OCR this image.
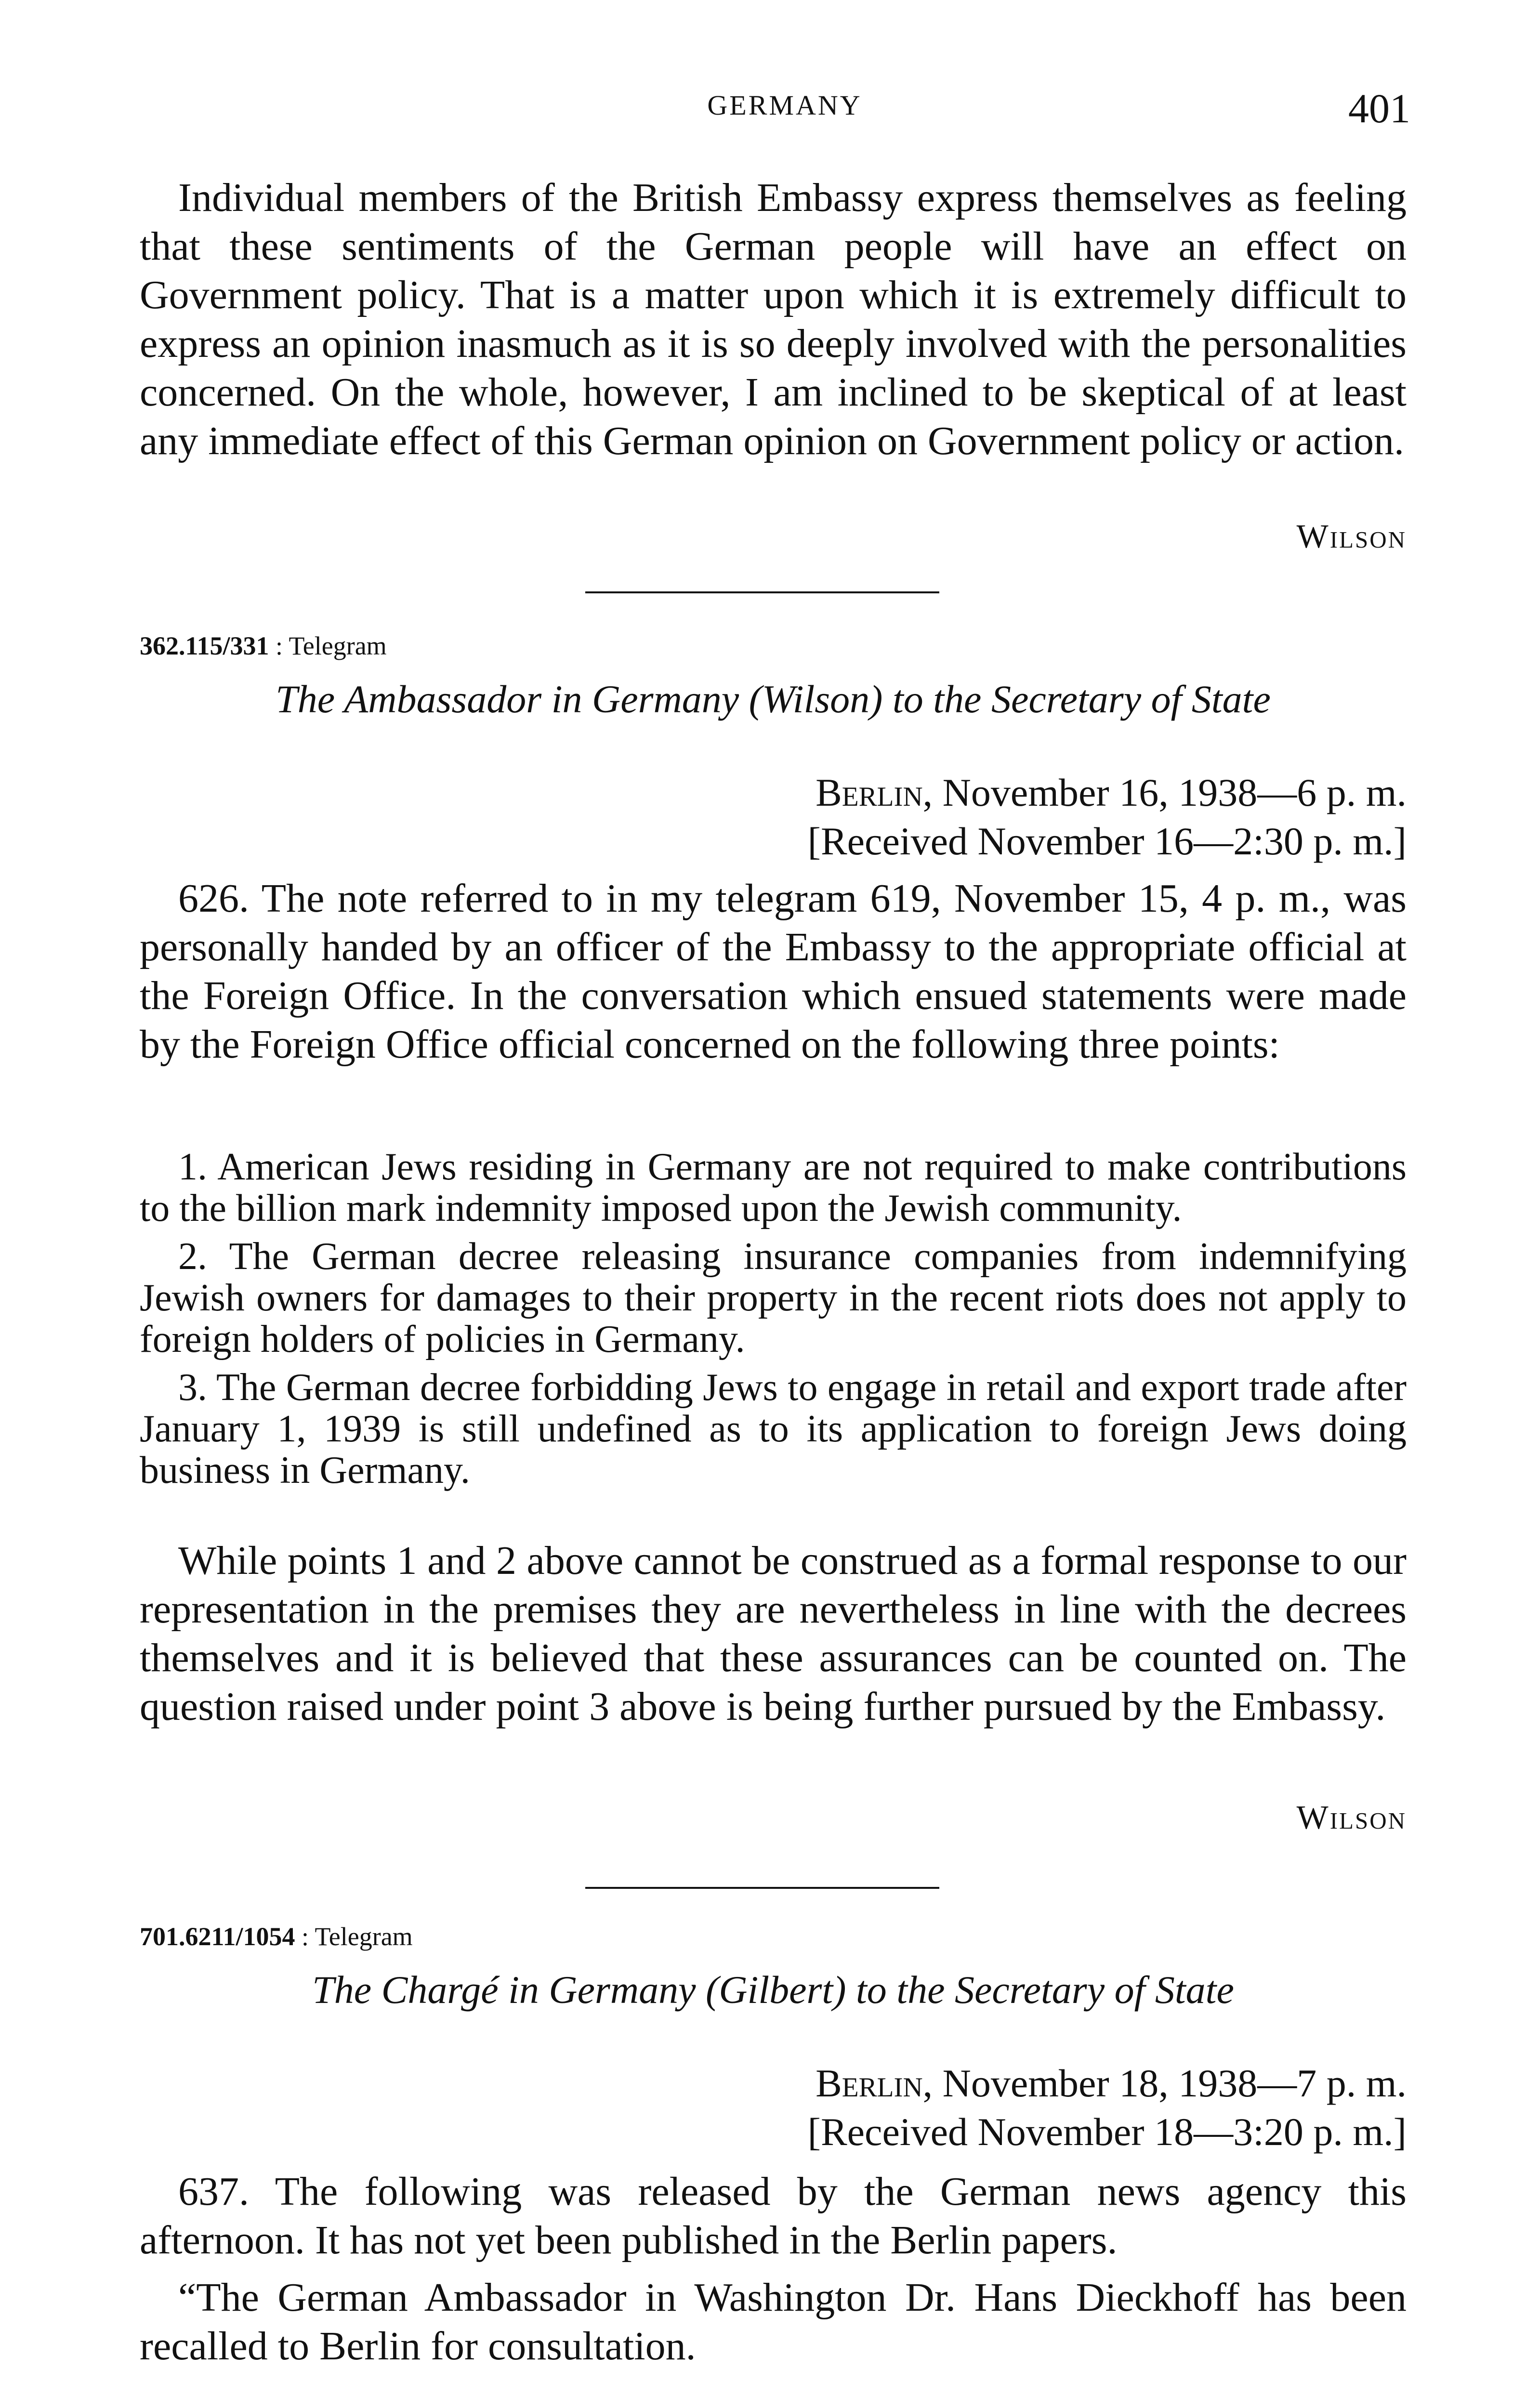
GERMANY	401

Individual members of the British Embassy express themselves as feeling that these sentiments of the German people will have an effect on Government policy. That is a matter upon which it is extremely difficult to express an opinion inasmuch as it is so deeply involved with the personalities concerned. On the whole, however, I am inclined to be skeptical of at least any immediate effect of this German opinion on Government policy or action.

Wilson
362.115/331 : Telegram
The Ambassador in Germany (Wilson) to the Secretary of State
Berlin, November 16, 1938—6 p. m.
[Received November 16—2:30 p. m.]

626. The note referred to in my telegram 619, November 15, 4 p. m., was personally handed by an officer of the Embassy to the appropriate official at the Foreign Office. In the conversation which ensued statements were made by the Foreign Office official concerned on the following three points:

1. American Jews residing in Germany are not required to make contributions to the billion mark indemnity imposed upon the Jewish community.

2. The German decree releasing insurance companies from indemnifying Jewish owners for damages to their property in the recent riots does not apply to foreign holders of policies in Germany.

3. The German decree forbidding Jews to engage in retail and export trade after January 1, 1939 is still undefined as to its application to foreign Jews doing business in Germany.

While points 1 and 2 above cannot be construed as a formal response to our representation in the premises they are nevertheless in line with the decrees themselves and it is believed that these assurances can be counted on. The question raised under point 3 above is being further pursued by the Embassy.

Wilson
701.6211/1054 : Telegram
The Chargé in Germany (Gilbert) to the Secretary of State
Berlin, November 18, 1938—7 p. m.
[Received November 18—3:20 p. m.]

637. The following was released by the German news agency this afternoon. It has not yet been published in the Berlin papers.

“The German Ambassador in Washington Dr. Hans Dieckhoff has been recalled to Berlin for consultation.
